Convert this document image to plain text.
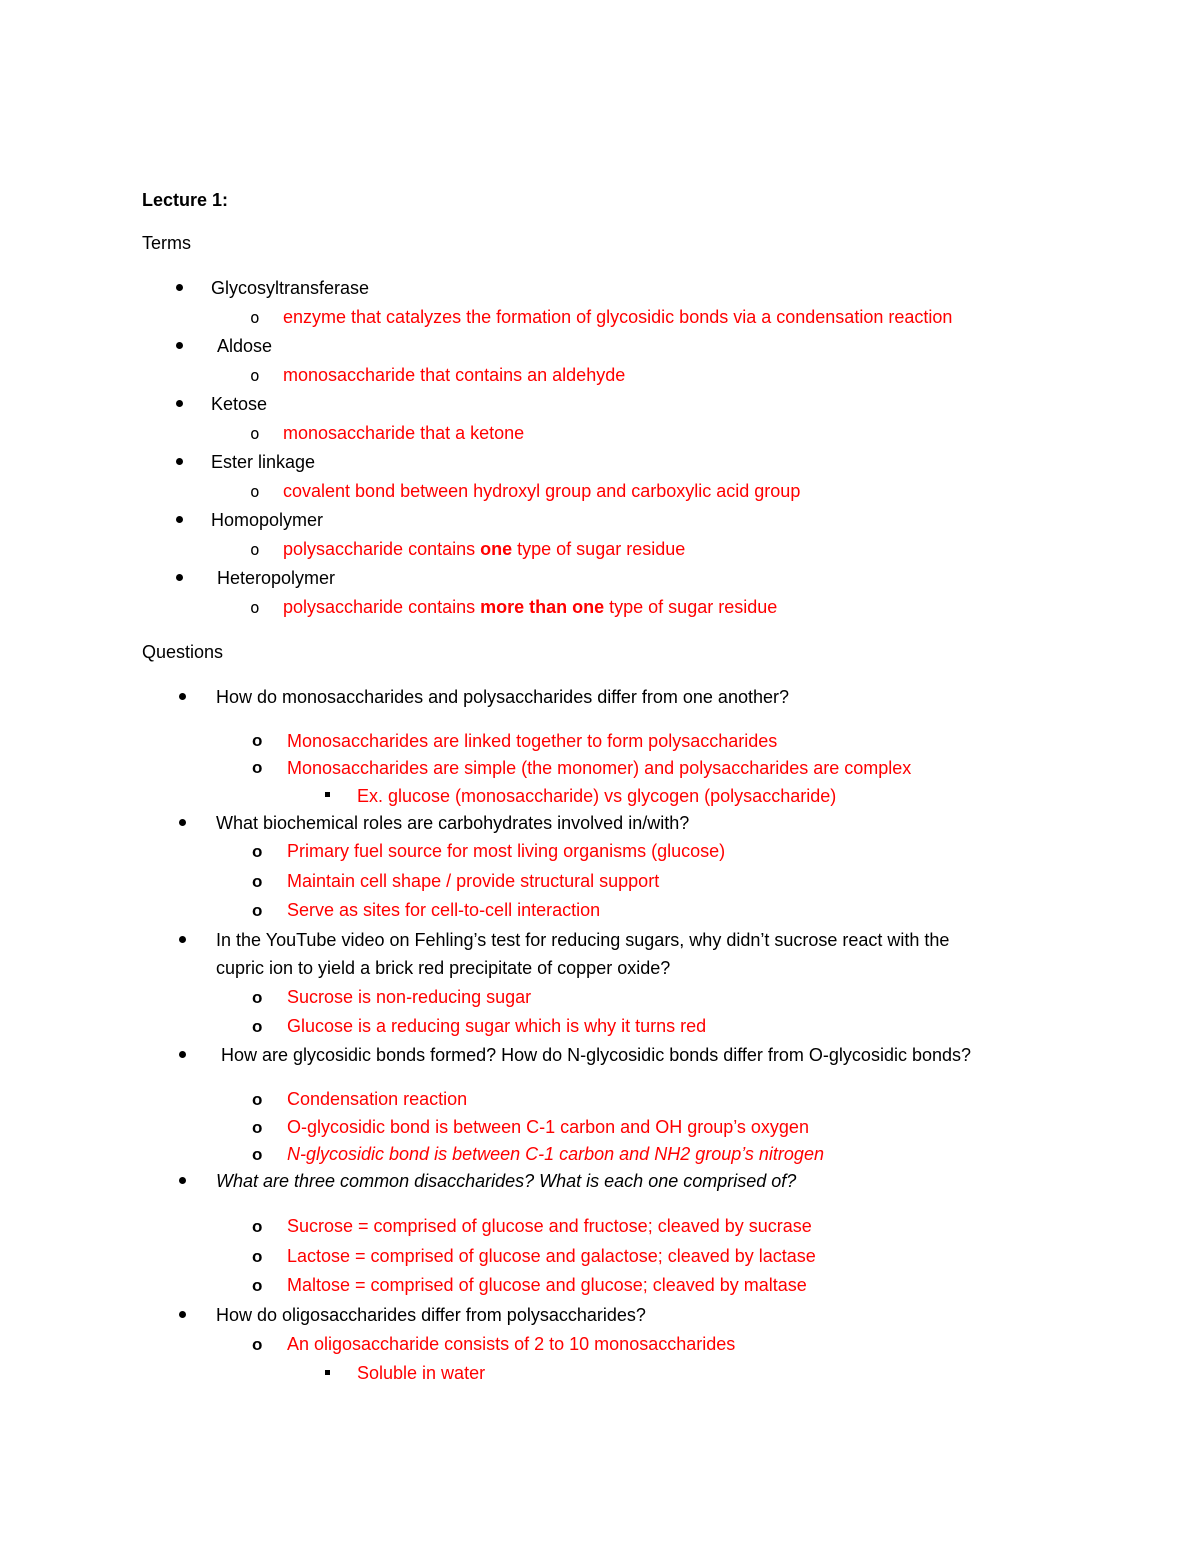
Lecture 1:
Terms
Glycosyltransferase
o enzyme that catalyzes the formation of glycosidic bonds via a condensation reaction
Aldose
o monosaccharide that contains an aldehyde
Ketose
o monosaccharide that a ketone
Ester linkage
o covalent bond between hydroxyl group and carboxylic acid group
Homopolymer
o polysaccharide contains one type of sugar residue
Heteropolymer
o polysaccharide contains more than one type of sugar residue
Questions
How do monosaccharides and polysaccharides differ from one another?
o Monosaccharides are linked together to form polysaccharides
o Monosaccharides are simple (the monomer) and polysaccharides are complex
Ex. glucose (monosaccharide) vs glycogen (polysaccharide)
What biochemical roles are carbohydrates involved in/with?
o Primary fuel source for most living organisms (glucose)
o Maintain cell shape / provide structural support
o Serve as sites for cell-to-cell interaction
In the YouTube video on Fehling’s test for reducing sugars, why didn’t sucrose react with the
cupric ion to yield a brick red precipitate of copper oxide?
o Sucrose is non-reducing sugar
o Glucose is a reducing sugar which is why it turns red
How are glycosidic bonds formed? How do N-glycosidic bonds differ from O-glycosidic bonds?
o Condensation reaction
o O-glycosidic bond is between C-1 carbon and OH group’s oxygen
o N-glycosidic bond is between C-1 carbon and NH2 group’s nitrogen
What are three common disaccharides? What is each one comprised of?
o Sucrose = comprised of glucose and fructose; cleaved by sucrase
o Lactose = comprised of glucose and galactose; cleaved by lactase
o Maltose = comprised of glucose and glucose; cleaved by maltase
How do oligosaccharides differ from polysaccharides?
o An oligosaccharide consists of 2 to 10 monosaccharides
Soluble in water
